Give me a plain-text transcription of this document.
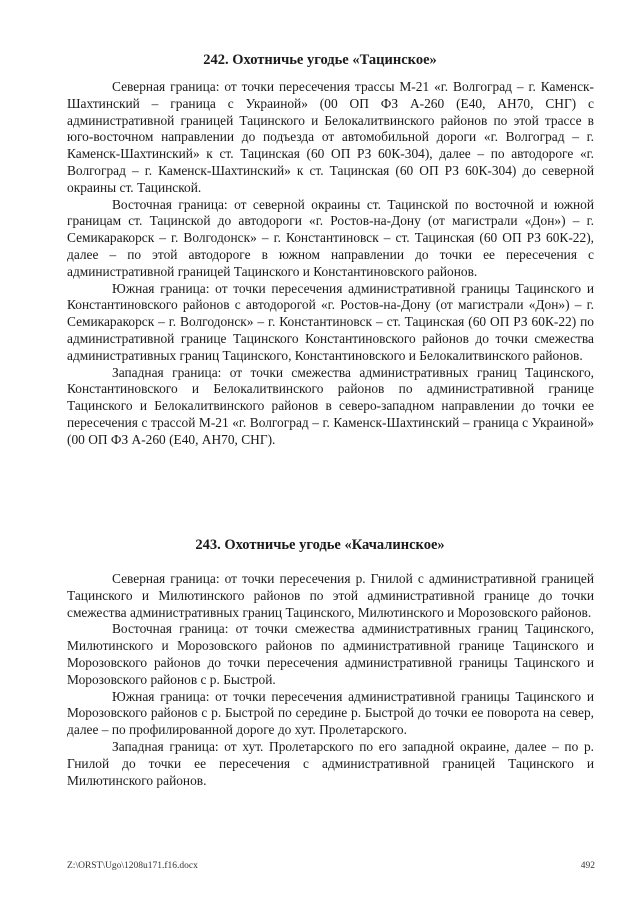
242. Охотничье угодье «Тацинское»

Северная граница: от точки пересечения трассы М-21 «г. Волгоград – г. Каменск-Шахтинский – граница с Украиной» (00 ОП ФЗ А-260 (Е40, АН70, СНГ) с административной границей Тацинского и Белокалитвинского районов по этой трассе в юго-восточном направлении до подъезда от автомобильной дороги «г. Волгоград – г. Каменск-Шахтинский» к ст. Тацинская (60 ОП РЗ 60К-304), далее – по автодороге «г. Волгоград – г. Каменск-Шахтинский» к ст. Тацинская (60 ОП РЗ 60К-304) до северной окраины ст. Тацинской.

Восточная граница: от северной окраины ст. Тацинской по восточной и южной границам ст. Тацинской до автодороги «г. Ростов-на-Дону (от магистрали «Дон») – г. Семикаракорск – г. Волгодонск» – г. Константиновск – ст. Тацинская (60 ОП РЗ 60К-22), далее – по этой автодороге в южном направлении до точки ее пересечения с административной границей Тацинского и Константиновского районов.

Южная граница: от точки пересечения административной границы Тацинского и Константиновского районов с автодорогой «г. Ростов-на-Дону (от магистрали «Дон») – г. Семикаракорск – г. Волгодонск» – г. Константиновск – ст. Тацинская (60 ОП РЗ 60К-22) по административной границе Тацинского Константиновского районов до точки смежества административных границ Тацинского, Константиновского и Белокалитвинского районов.

Западная граница: от точки смежества административных границ Тацинского, Константиновского и Белокалитвинского районов по административной границе Тацинского и Белокалитвинского районов в северо-западном направлении до точки ее пересечения с трассой М-21 «г. Волгоград – г. Каменск-Шахтинский – граница с Украиной» (00 ОП ФЗ А-260 (Е40, АН70, СНГ).

243. Охотничье угодье «Качалинское»

Северная граница: от точки пересечения р. Гнилой с административной границей Тацинского и Милютинского районов по этой административной границе до точки смежества административных границ Тацинского, Милютинского и Морозовского районов.

Восточная граница: от точки смежества административных границ Тацинского, Милютинского и Морозовского районов по административной границе Тацинского и Морозовского районов до точки пересечения административной границы Тацинского и Морозовского районов с р. Быстрой.

Южная граница: от точки пересечения административной границы Тацинского и Морозовского районов с р. Быстрой по середине р. Быстрой до точки ее поворота на север, далее – по профилированной дороге до хут. Пролетарского.

Западная граница: от хут. Пролетарского по его западной окраине, далее – по р. Гнилой до точки ее пересечения с административной границей Тацинского и Милютинского районов.

Z:\ORST\Ugo\1208u171.f16.docx	492
